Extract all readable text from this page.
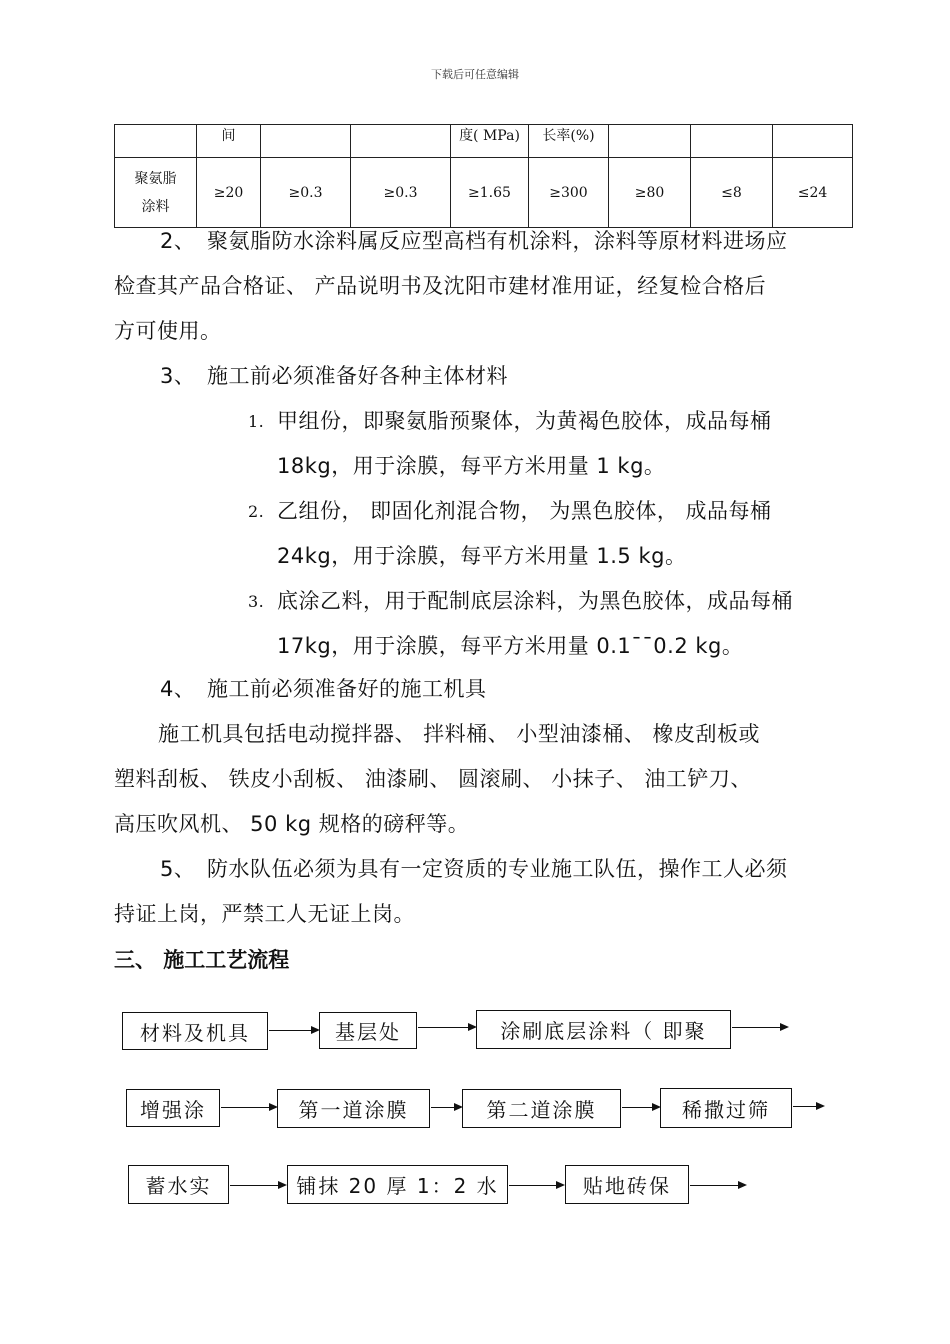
下载后可任意编辑
	间			度( MPa)	长率(%)			

聚氨脂
涂料	≥20	≥0.3	≥0.3	≥1.65	≥300	≥80	≤8	≤24
2、 聚氨脂防水涂料属反应型高档有机涂料，涂料等原材料进场应
检查其产品合格证、 产品说明书及沈阳市建材准用证，经复检合格后
方可使用。
3、 施工前必须准备好各种主体材料
1. 甲组份，即聚氨脂预聚体，为黄褐色胶体，成品每桶
18kg，用于涂膜，每平方米用量 1 kg。
2. 乙组份， 即固化剂混合物， 为黑色胶体， 成品每桶
24kg，用于涂膜，每平方米用量 1.5 kg。
3. 底涂乙料，用于配制底层涂料，为黑色胶体，成品每桶
17kg，用于涂膜，每平方米用量 0.1¯¯0.2 kg。
4、 施工前必须准备好的施工机具
施工机具包括电动搅拌器、 拌料桶、 小型油漆桶、 橡皮刮板或
塑料刮板、 铁皮小刮板、 油漆刷、 圆滚刷、 小抹子、 油工铲刀、
高压吹风机、 50 kg 规格的磅秤等。
5、 防水队伍必须为具有一定资质的专业施工队伍，操作工人必须
持证上岗，严禁工人无证上岗。
三、 施工工艺流程
材料及机具	基层处	涂刷底层涂料（ 即聚
增强涂	第一道涂膜	第二道涂膜	稀撒过筛
蓄水实	铺抹 20 厚 1：2 水	贴地砖保
